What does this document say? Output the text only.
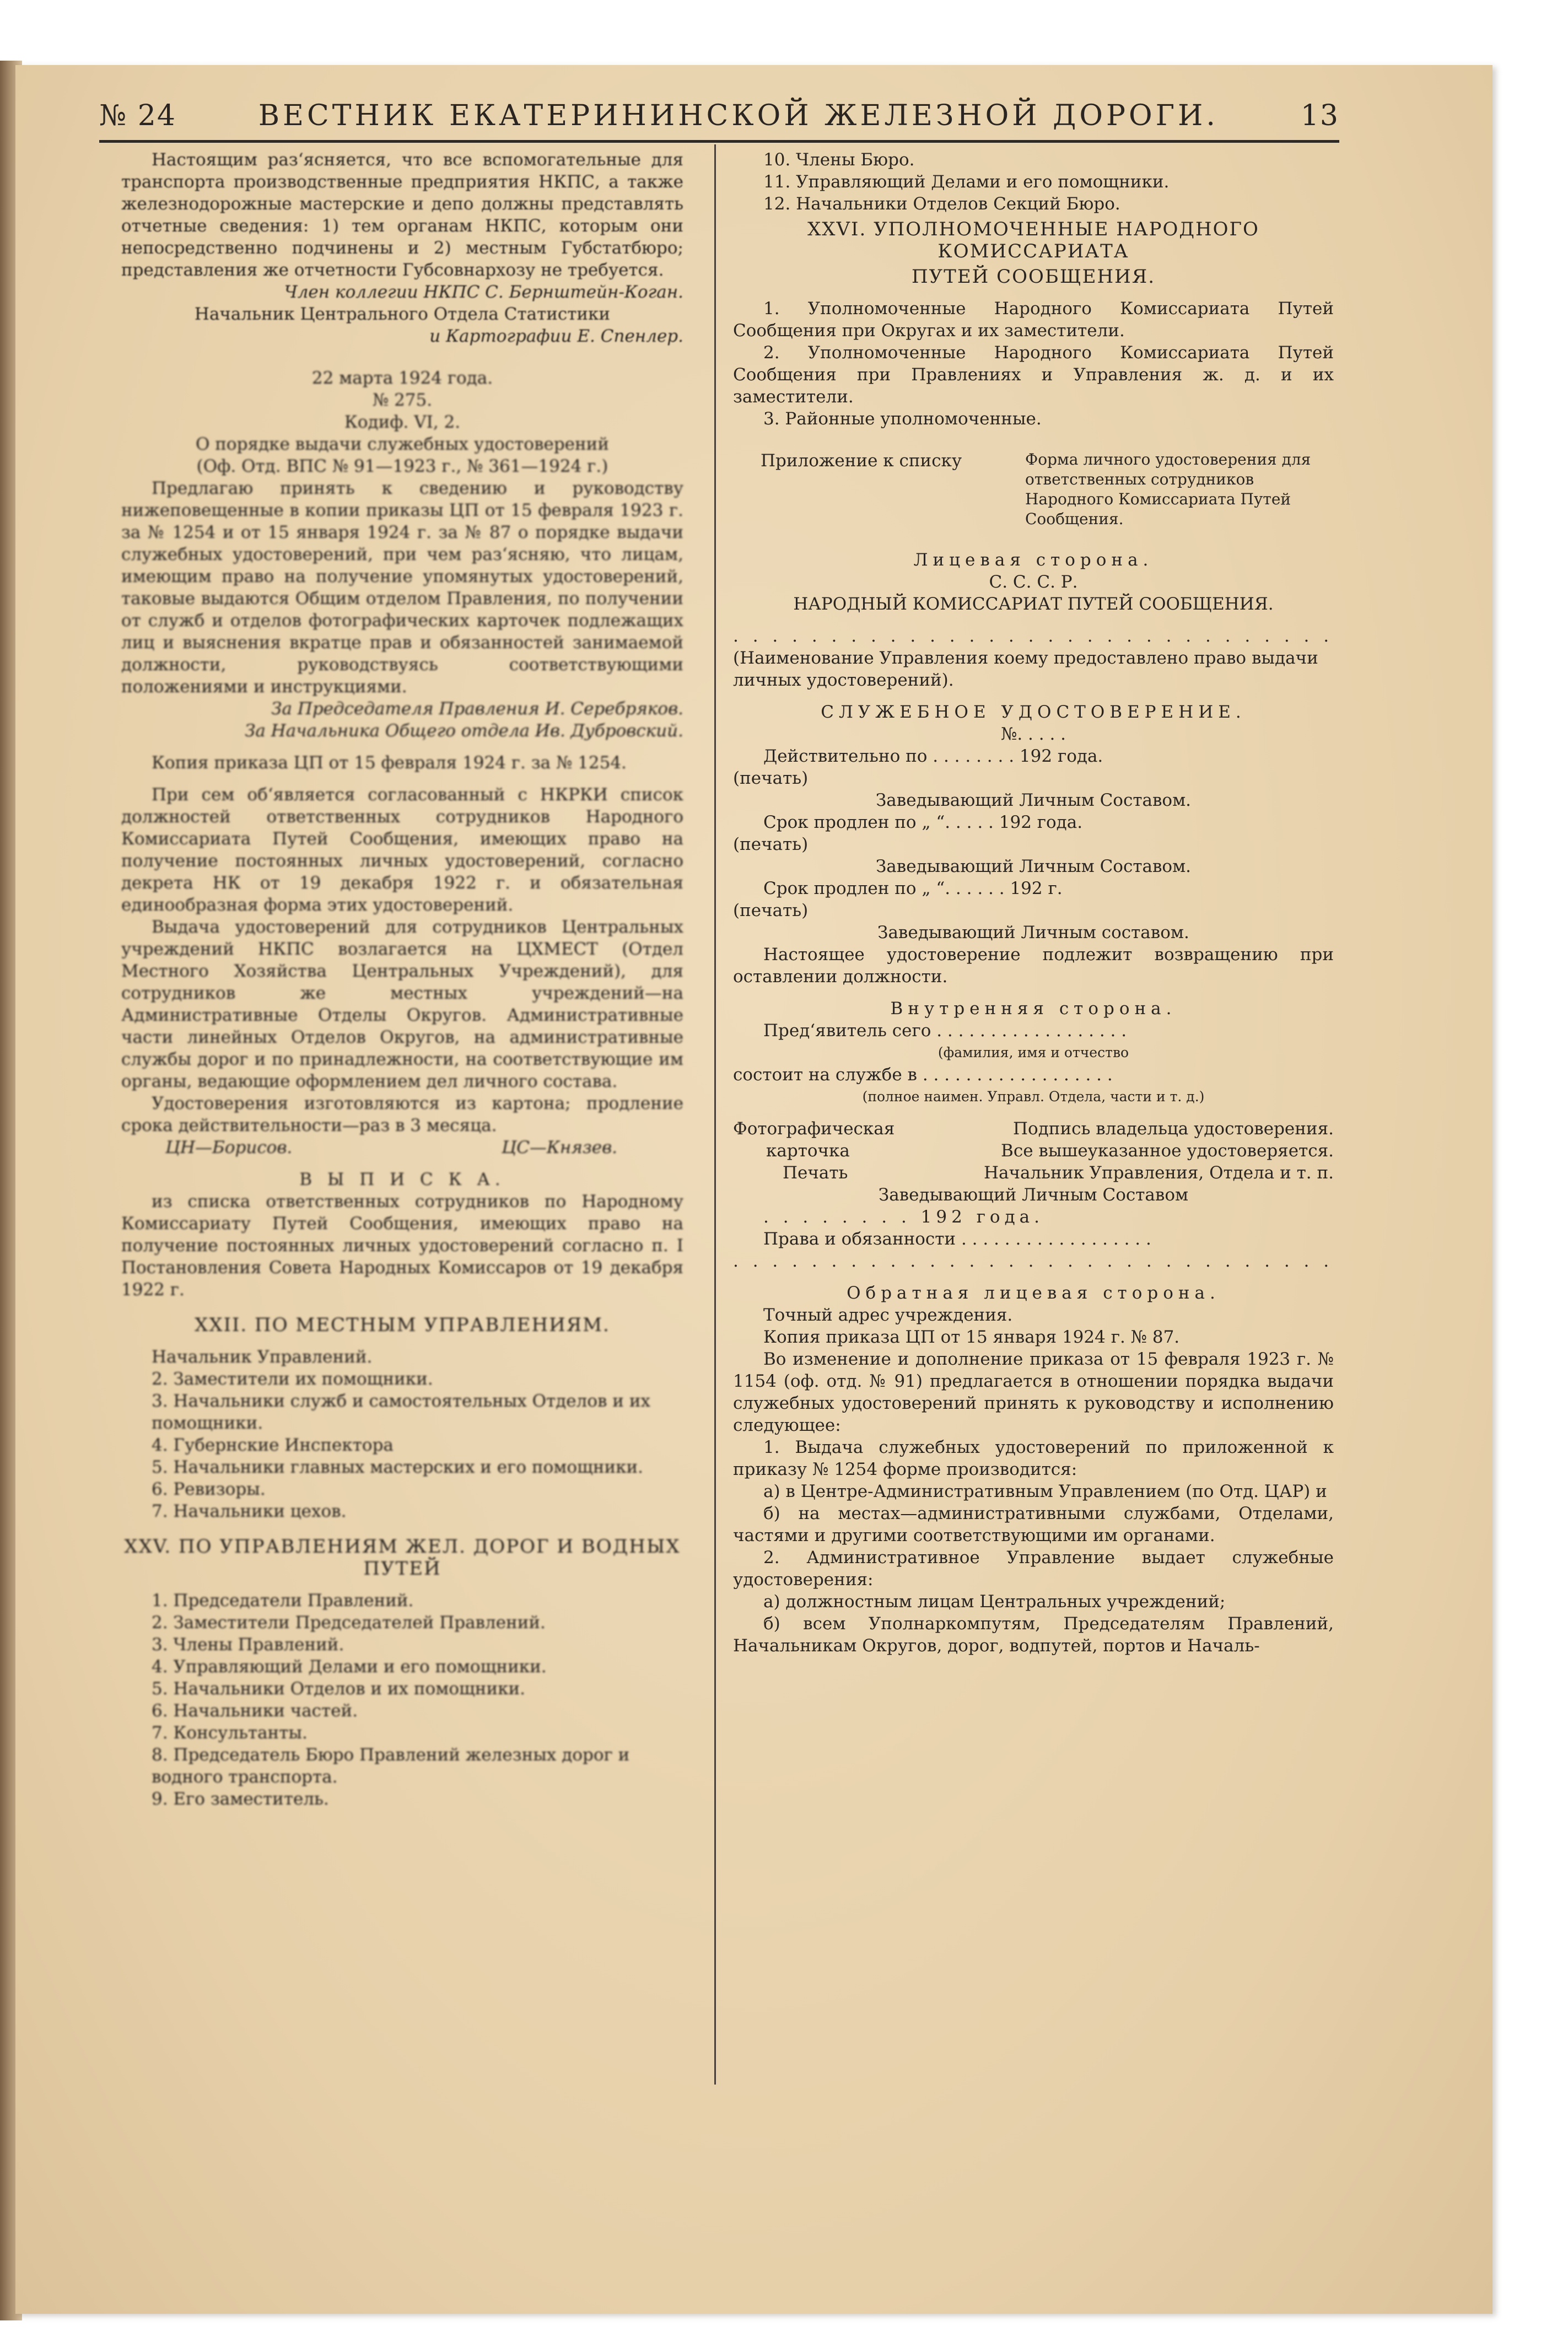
№ 24	ВЕСТНИК ЕКАТЕРИНИНСКОЙ ЖЕЛЕЗНОЙ ДОРОГИ.	13

Настоящим раз‘ясняется, что все вспомогательные для транспорта производственные предприятия НКПС, а также железнодорожные мастерские и депо должны представлять отчетные сведения: 1) тем органам НКПС, которым они непосредственно подчинены и 2) местным Губстатбюро; представления же отчетности Губсовнархозу не требуется.

Член коллегии НКПС С. Бернштейн-Коган.

Начальник Центрального Отдела Статистики

и Картографии Е. Спенлер.

22 марта 1924 года.

№ 275.

Кодиф. VI, 2.

О порядке выдачи служебных удостоверений

(Оф. Отд. ВПС № 91—1923 г., № 361—1924 г.)

Предлагаю принять к сведению и руководству нижеповещенные в копии приказы ЦП от 15 февраля 1923 г. за № 1254 и от 15 января 1924 г. за № 87 о порядке выдачи служебных удостоверений, при чем раз‘ясняю, что лицам, имеющим право на получение упомянутых удостоверений, таковые выдаются Общим отделом Правления, по получении от служб и отделов фотографических карточек подлежащих лиц и выяснения вкратце прав и обязанностей занимаемой должности, руководствуясь соответствующими положениями и инструкциями.

За Председателя Правления И. Серебряков.

За Начальника Общего отдела Ив. Дубровский.

Копия приказа ЦП от 15 февраля 1924 г. за № 1254.

При сем об‘является согласованный с НКРКИ список должностей ответственных сотрудников Народного Комиссариата Путей Сообщения, имеющих право на получение постоянных личных удостоверений, согласно декрета НК от 19 декабря 1922 г. и обязательная единообразная форма этих удостоверений.

Выдача удостоверений для сотрудников Центральных учреждений НКПС возлагается на ЦХМЕСТ (Отдел Местного Хозяйства Центральных Учреждений), для сотрудников же местных учреждений—на Административные Отделы Округов. Административные части линейных Отделов Округов, на административные службы дорог и по принадлежности, на соответствующие им органы, ведающие оформлением дел личного состава.

Удостоверения изготовляются из картона; продление срока действительности—раз в 3 месяца.

ЦН—Борисов.	ЦС—Князев.

В Ы П И С К А.

из списка ответственных сотрудников по Народному Комиссариату Путей Сообщения, имеющих право на получение постоянных личных удостоверений согласно п. I Постановления Совета Народных Комиссаров от 19 декабря 1922 г.

XXII. ПО МЕСТНЫМ УПРАВЛЕНИЯМ.

Начальник Управлений.

2. Заместители их помощники.

3. Начальники служб и самостоятельных Отделов и их помощники.

4. Губернские Инспектора

5. Начальники главных мастерских и его помощники.

6. Ревизоры.

7. Начальники цехов.

XXV. ПО УПРАВЛЕНИЯМ ЖЕЛ. ДОРОГ И ВОДНЫХ ПУТЕЙ

1. Председатели Правлений.

2. Заместители Председателей Правлений.

3. Члены Правлений.

4. Управляющий Делами и его помощники.

5. Начальники Отделов и их помощники.

6. Начальники частей.

7. Консультанты.

8. Председатель Бюро Правлений железных дорог и водного транспорта.

9. Его заместитель.

10. Члены Бюро.

11. Управляющий Делами и его помощники.

12. Начальники Отделов Секций Бюро.

XXVI. УПОЛНОМОЧЕННЫЕ НАРОДНОГО КОМИССАРИАТА

ПУТЕЙ СООБЩЕНИЯ.

1. Уполномоченные Народного Комиссариата Путей Сообщения при Округах и их заместители.

2. Уполномоченные Народного Комиссариата Путей Сообщения при Правлениях и Управления ж. д. и их заместители.

3. Районные уполномоченные.

Приложение к списку	Форма личного удостоверения для ответственных сотрудников Народного Комиссариата Путей Сообщения.

Лицевая сторона.

С. С. С. Р.

НАРОДНЫЙ КОМИССАРИАТ ПУТЕЙ СООБЩЕНИЯ.

. . . . . . . . . . . . . . . . . . . . . . . . . . . . . . .

(Наименование Управления коему предоставлено право выдачи личных удостоверений).

СЛУЖЕБНОЕ УДОСТОВЕРЕНИЕ.

№. . . . .

Действительно по . . . . . . . . 192 года.

(печать)

Заведывающий Личным Составом.

Срок продлен по „ “. . . . . 192 года.

(печать)

Заведывающий Личным Составом.

Срок продлен по „ “. . . . . . 192 г.

(печать)

Заведывающий Личным составом.

Настоящее удостоверение подлежит возвращению при оставлении должности.

Внутренняя сторона.

Пред‘явитель сего . . . . . . . . . . . . . . . . . .

(фамилия, имя и отчество

состоит на службе в . . . . . . . . . . . . . . . . . .

(полное наимен. Управл. Отдела, части и т. д.)

Фотографическая	Подпись владельца удостоверения.
карточка	Все вышеуказанное удостоверяется.
Печать	Начальник Управления, Отдела и т. п.

Заведывающий Личным Составом

. . . . . . . . 192 года.

Права и обязанности . . . . . . . . . . . . . . . . . .

. . . . . . . . . . . . . . . . . . . . . . . . . . . . . . .

Обратная лицевая сторона.

Точный адрес учреждения.

Копия приказа ЦП от 15 января 1924 г. № 87.

Во изменение и дополнение приказа от 15 февраля 1923 г. № 1154 (оф. отд. № 91) предлагается в отношении порядка выдачи служебных удостоверений принять к руководству и исполнению следующее:

1. Выдача служебных удостоверений по приложенной к приказу № 1254 форме производится:

а) в Центре-Административным Управлением (по Отд. ЦАР) и

б) на местах—административными службами, Отделами, частями и другими соответствующими им органами.

2. Административное Управление выдает служебные удостоверения:

а) должностным лицам Центральных учреждений;

б) всем Уполнаркомпутям, Председателям Правлений, Начальникам Округов, дорог, водпутей, портов и Началь-
